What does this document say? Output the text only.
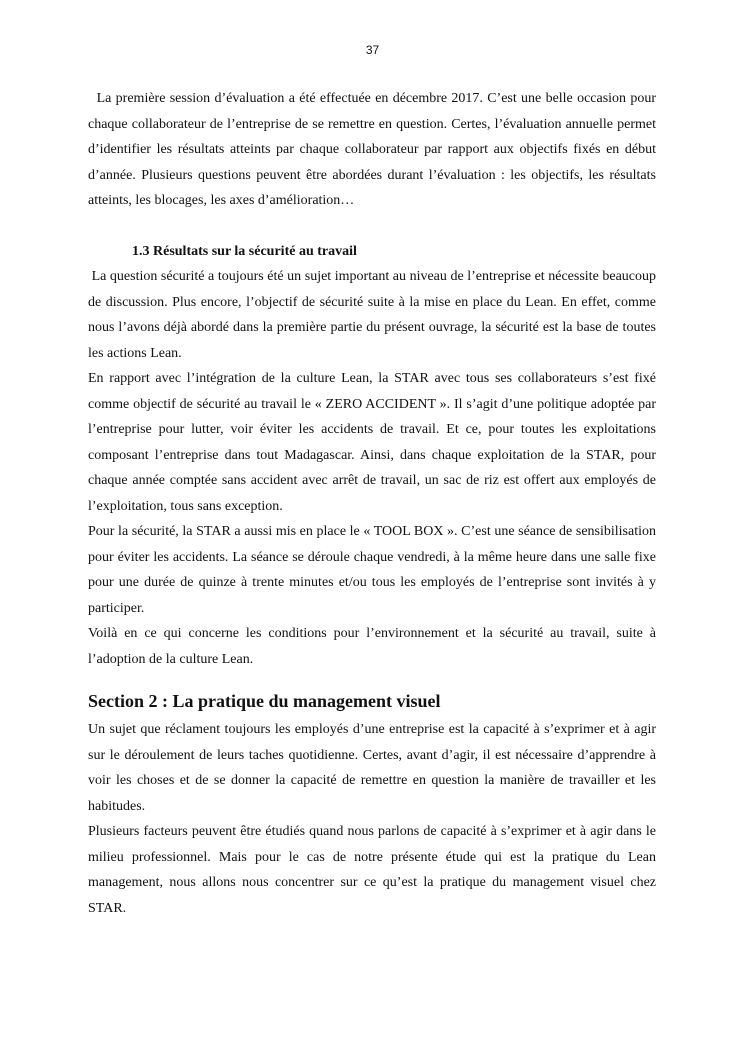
37

La première session d’évaluation a été effectuée en décembre 2017. C’est une belle occasion pour chaque collaborateur de l’entreprise de se remettre en question. Certes, l’évaluation annuelle permet d’identifier les résultats atteints par chaque collaborateur par rapport aux objectifs fixés en début d’année. Plusieurs questions peuvent être abordées durant l’évaluation : les objectifs, les résultats atteints, les blocages, les axes d’amélioration…

1.3 Résultats sur la sécurité au travail

La question sécurité a toujours été un sujet important au niveau de l’entreprise et nécessite beaucoup de discussion. Plus encore, l’objectif de sécurité suite à la mise en place du Lean. En effet, comme nous l’avons déjà abordé dans la première partie du présent ouvrage, la sécurité est la base de toutes les actions Lean.

En rapport avec l’intégration de la culture Lean, la STAR avec tous ses collaborateurs s’est fixé comme objectif de sécurité au travail le « ZERO ACCIDENT ». Il s’agit d’une politique adoptée par l’entreprise pour lutter, voir éviter les accidents de travail. Et ce, pour toutes les exploitations composant l’entreprise dans tout Madagascar. Ainsi, dans chaque exploitation de la STAR, pour chaque année comptée sans accident avec arrêt de travail, un sac de riz est offert aux employés de l’exploitation, tous sans exception.

Pour la sécurité, la STAR a aussi mis en place le « TOOL BOX ». C’est une séance de sensibilisation pour éviter les accidents. La séance se déroule chaque vendredi, à la même heure dans une salle fixe pour une durée de quinze à trente minutes et/ou tous les employés de l’entreprise sont invités à y participer.

Voilà en ce qui concerne les conditions pour l’environnement et la sécurité au travail, suite à l’adoption de la culture Lean.

Section 2 : La pratique du management visuel

Un sujet que réclament toujours les employés d’une entreprise est la capacité à s’exprimer et à agir sur le déroulement de leurs taches quotidienne. Certes, avant d’agir, il est nécessaire d’apprendre à voir les choses et de se donner la capacité de remettre en question la manière de travailler et les habitudes.

Plusieurs facteurs peuvent être étudiés quand nous parlons de capacité à s’exprimer et à agir dans le milieu professionnel. Mais pour le cas de notre présente étude qui est la pratique du Lean management, nous allons nous concentrer sur ce qu’est la pratique du management visuel chez STAR.
